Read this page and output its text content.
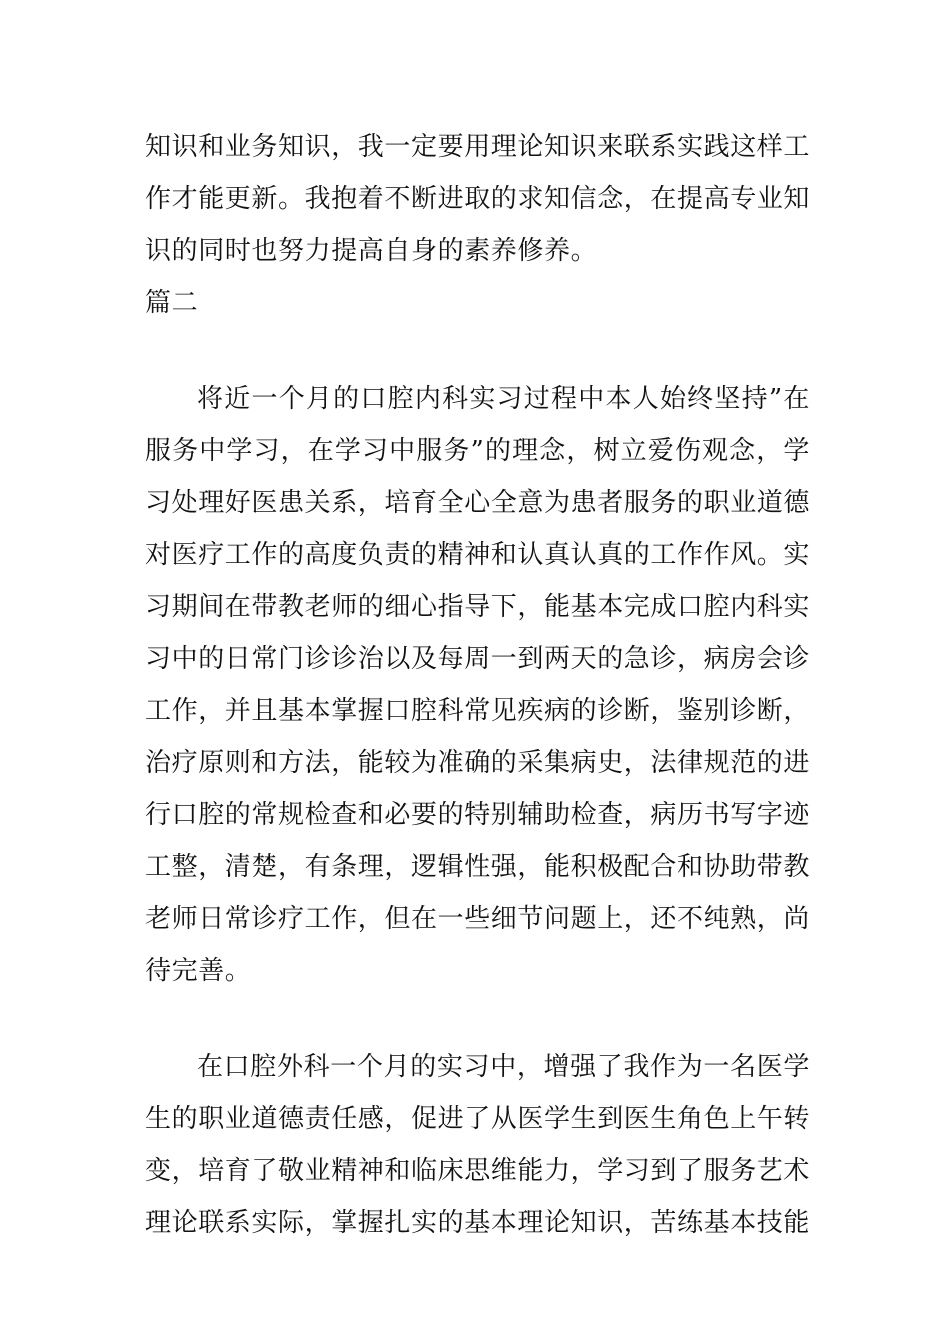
知识和业务知识，我一定要用理论知识来联系实践这样工
作才能更新。我抱着不断进取的求知信念，在提高专业知
识的同时也努力提高自身的素养修养。
篇二
将近一个月的口腔内科实习过程中本人始终坚持”在
服务中学习，在学习中服务”的理念，树立爱伤观念，学
习处理好医患关系，培育全心全意为患者服务的职业道德
对医疗工作的高度负责的精神和认真认真的工作作风。实
习期间在带教老师的细心指导下，能基本完成口腔内科实
习中的日常门诊诊治以及每周一到两天的急诊，病房会诊
工作，并且基本掌握口腔科常见疾病的诊断，鉴别诊断，
治疗原则和方法，能较为准确的采集病史，法律规范的进
行口腔的常规检查和必要的特别辅助检查，病历书写字迹
工整，清楚，有条理，逻辑性强，能积极配合和协助带教
老师日常诊疗工作，但在一些细节问题上，还不纯熟，尚
待完善。
在口腔外科一个月的实习中，增强了我作为一名医学
生的职业道德责任感，促进了从医学生到医生角色上午转
变，培育了敬业精神和临床思维能力，学习到了服务艺术
理论联系实际，掌握扎实的基本理论知识，苦练基本技能
